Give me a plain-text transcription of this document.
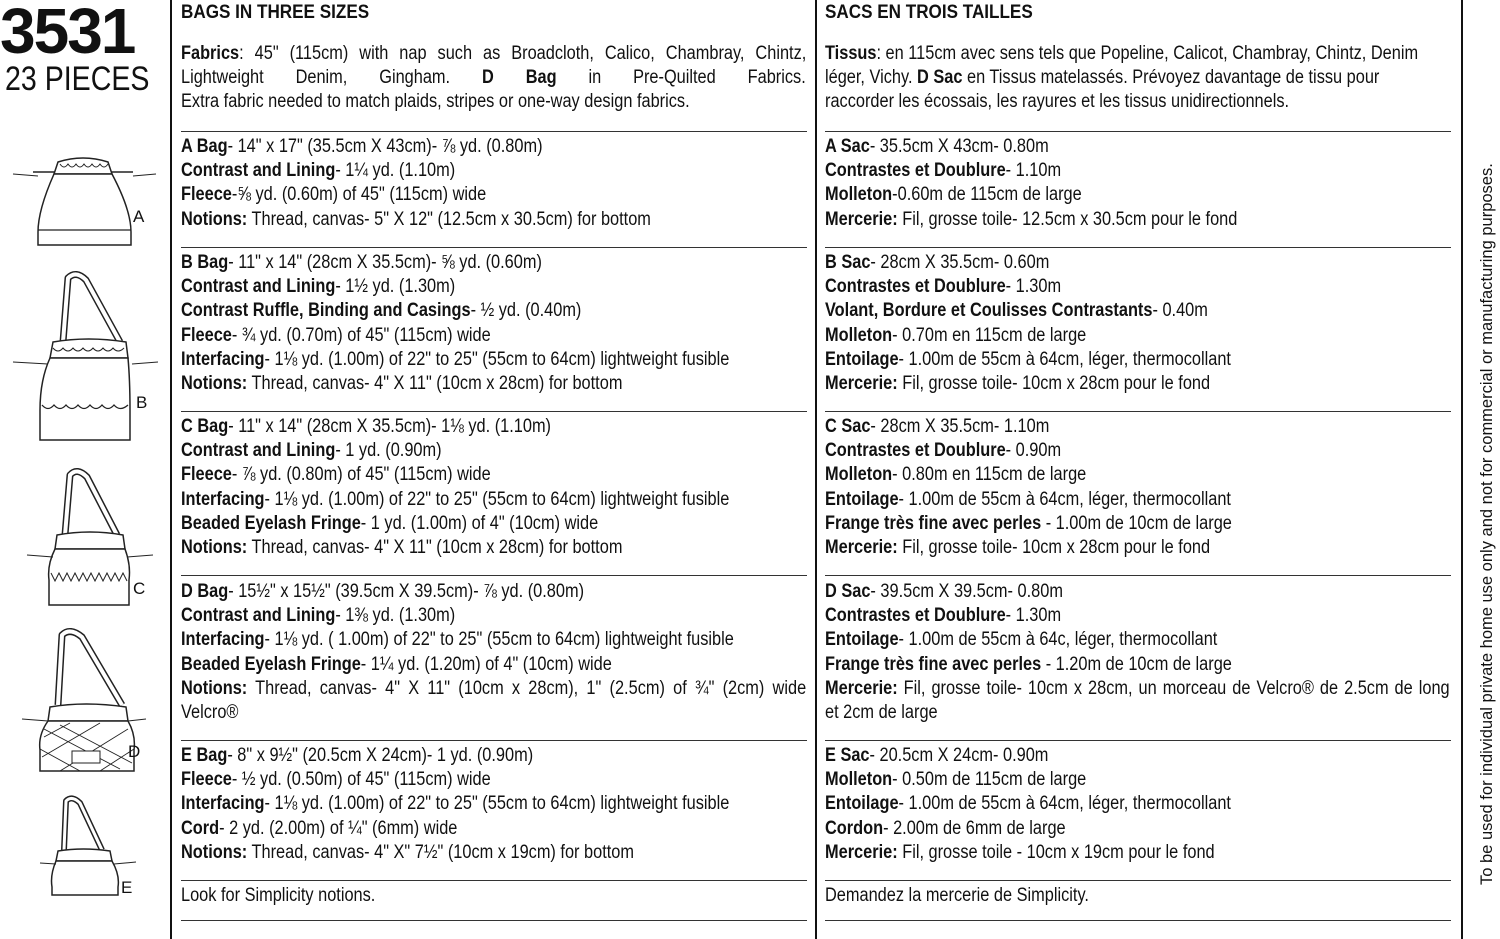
3531
23 PIECES
A
B
C
D
E
BAGS IN THREE SIZES
Fabrics: 45" (115cm) with nap such as Broadcloth, Calico, Chambray, Chintz,
Lightweight Denim, Gingham. D Bag in Pre-Quilted Fabrics.
Extra fabric needed to match plaids, stripes or one-way design fabrics.
A Bag- 14" x 17" (35.5cm X 43cm)- ⅞ yd. (0.80m)
Contrast and Lining- 1¼ yd. (1.10m)
Fleece-⅝ yd. (0.60m) of 45" (115cm) wide
Notions: Thread, canvas- 5" X 12" (12.5cm x 30.5cm) for bottom
B Bag- 11" x 14" (28cm X 35.5cm)- ⅝ yd. (0.60m)
Contrast and Lining- 1½ yd. (1.30m)
Contrast Ruffle, Binding and Casings- ½ yd. (0.40m)
Fleece- ¾ yd. (0.70m) of 45" (115cm) wide
Interfacing- 1⅛ yd. (1.00m) of 22" to 25" (55cm to 64cm) lightweight fusible
Notions: Thread, canvas- 4" X 11" (10cm x 28cm) for bottom
C Bag- 11" x 14" (28cm X 35.5cm)- 1⅛ yd. (1.10m)
Contrast and Lining- 1 yd. (0.90m)
Fleece- ⅞ yd. (0.80m) of 45" (115cm) wide
Interfacing- 1⅛ yd. (1.00m) of 22" to 25" (55cm to 64cm) lightweight fusible
Beaded Eyelash Fringe- 1 yd. (1.00m) of 4" (10cm) wide
Notions: Thread, canvas- 4" X 11" (10cm x 28cm) for bottom
D Bag- 15½" x 15½" (39.5cm X 39.5cm)- ⅞ yd. (0.80m)
Contrast and Lining- 1⅜ yd. (1.30m)
Interfacing- 1⅛ yd. ( 1.00m) of 22" to 25" (55cm to 64cm) lightweight fusible
Beaded Eyelash Fringe- 1¼ yd. (1.20m) of 4" (10cm) wide
Notions: Thread, canvas- 4" X 11" (10cm x 28cm), 1" (2.5cm) of ¾" (2cm) wide
Velcro®
E Bag- 8" x 9½" (20.5cm X 24cm)- 1 yd. (0.90m)
Fleece- ½ yd. (0.50m) of 45" (115cm) wide
Interfacing- 1⅛ yd. (1.00m) of 22" to 25" (55cm to 64cm) lightweight fusible
Cord- 2 yd. (2.00m) of ¼" (6mm) wide
Notions: Thread, canvas- 4" X" 7½" (10cm x 19cm) for bottom
Look for Simplicity notions.
SACS EN TROIS TAILLES
Tissus: en 115cm avec sens tels que Popeline, Calicot, Chambray, Chintz, Denim
léger, Vichy. D Sac en Tissus matelassés. Prévoyez davantage de tissu pour
raccorder les écossais, les rayures et les tissus unidirectionnels.
A Sac- 35.5cm X 43cm- 0.80m
Contrastes et Doublure- 1.10m
Molleton-0.60m de 115cm de large
Mercerie: Fil, grosse toile- 12.5cm x 30.5cm pour le fond
B Sac- 28cm X 35.5cm- 0.60m
Contrastes et Doublure- 1.30m
Volant, Bordure et Coulisses Contrastants- 0.40m
Molleton- 0.70m en 115cm de large
Entoilage- 1.00m de 55cm à 64cm, léger, thermocollant
Mercerie: Fil, grosse toile- 10cm x 28cm pour le fond
C Sac- 28cm X 35.5cm- 1.10m
Contrastes et Doublure- 0.90m
Molleton- 0.80m en 115cm de large
Entoilage- 1.00m de 55cm à 64cm, léger, thermocollant
Frange très fine avec perles - 1.00m de 10cm de large
Mercerie: Fil, grosse toile- 10cm x 28cm pour le fond
D Sac- 39.5cm X 39.5cm- 0.80m
Contrastes et Doublure- 1.30m
Entoilage- 1.00m de 55cm à 64c, léger, thermocollant
Frange très fine avec perles - 1.20m de 10cm de large
Mercerie: Fil, grosse toile- 10cm x 28cm, un morceau de Velcro® de 2.5cm de long
et 2cm de large
E Sac- 20.5cm X 24cm- 0.90m
Molleton- 0.50m de 115cm de large
Entoilage- 1.00m de 55cm à 64cm, léger, thermocollant
Cordon- 2.00m de 6mm de large
Mercerie: Fil, grosse toile - 10cm x 19cm pour le fond
Demandez la mercerie de Simplicity.
To be used for individual private home use only and not for commercial or manufacturing purposes.
